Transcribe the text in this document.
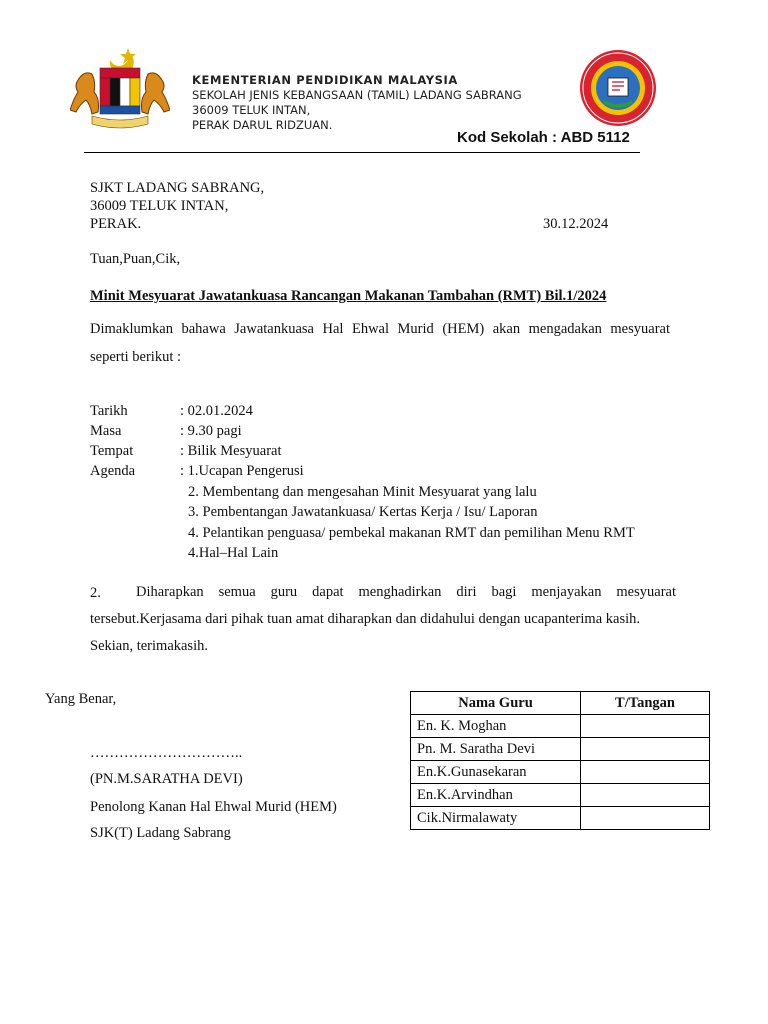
KEMENTERIAN PENDIDIKAN MALAYSIA
SEKOLAH JENIS KEBANGSAAN (TAMIL) LADANG SABRANG
36009 TELUK INTAN,
PERAK DARUL RIDZUAN.
Kod Sekolah : ABD 5112
SJKT LADANG SABRANG,
36009 TELUK INTAN,
PERAK.	30.12.2024
Tuan,Puan,Cik,
Minit Mesyuarat Jawatankuasa Rancangan Makanan Tambahan (RMT) Bil.1/2024
Dimaklumkan bahawa Jawatankuasa Hal Ehwal Murid (HEM) akan mengadakan mesyuarat
seperti berikut :
Tarikh	: 02.01.2024
Masa	: 9.30 pagi
Tempat	: Bilik Mesyuarat
Agenda	: 1.Ucapan Pengerusi
2. Membentang dan mengesahan Minit Mesyuarat yang lalu
3. Pembentangan Jawatankuasa/ Kertas Kerja / Isu/ Laporan
4. Pelantikan penguasa/ pembekal makanan RMT dan pemilihan Menu RMT
4.Hal–Hal Lain
2. Diharapkan semua guru dapat menghadirkan diri bagi menjayakan mesyuarat
tersebut.Kerjasama dari pihak tuan amat diharapkan dan didahului dengan ucapanterima kasih.
Sekian, terimakasih.
Yang Benar,
…………………………..
(PN.M.SARATHA DEVI)
Penolong Kanan Hal Ehwal Murid (HEM)
SJK(T) Ladang Sabrang
Nama Guru	T/Tangan
En. K. Moghan	
Pn. M. Saratha Devi	
En.K.Gunasekaran	
En.K.Arvindhan	
Cik.Nirmalawaty	
